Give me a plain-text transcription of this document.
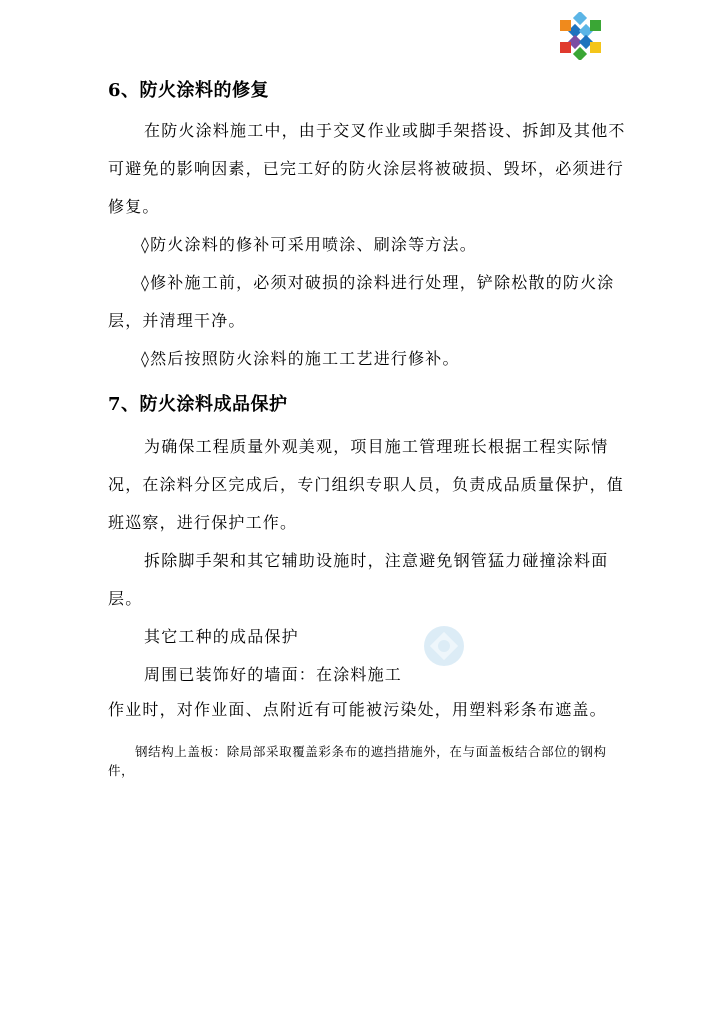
6、防火涂料的修复
在防火涂料施工中，由于交叉作业或脚手架搭设、拆卸及其他不
可避免的影响因素，已完工好的防火涂层将被破损、毁坏，必须进行
修复。
◊防火涂料的修补可采用喷涂、刷涂等方法。
◊修补施工前，必须对破损的涂料进行处理，铲除松散的防火涂
层，并清理干净。
◊然后按照防火涂料的施工工艺进行修补。
7、防火涂料成品保护
为确保工程质量外观美观，项目施工管理班长根据工程实际情
况，在涂料分区完成后，专门组织专职人员，负责成品质量保护，值
班巡察，进行保护工作。
拆除脚手架和其它辅助设施时，注意避免钢管猛力碰撞涂料面
层。
其它工种的成品保护
周围已装饰好的墙面：在涂料施工
作业时，对作业面、点附近有可能被污染处，用塑料彩条布遮盖。
钢结构上盖板：除局部采取覆盖彩条布的遮挡措施外，在与面盖板结合部位的钢构
件，
